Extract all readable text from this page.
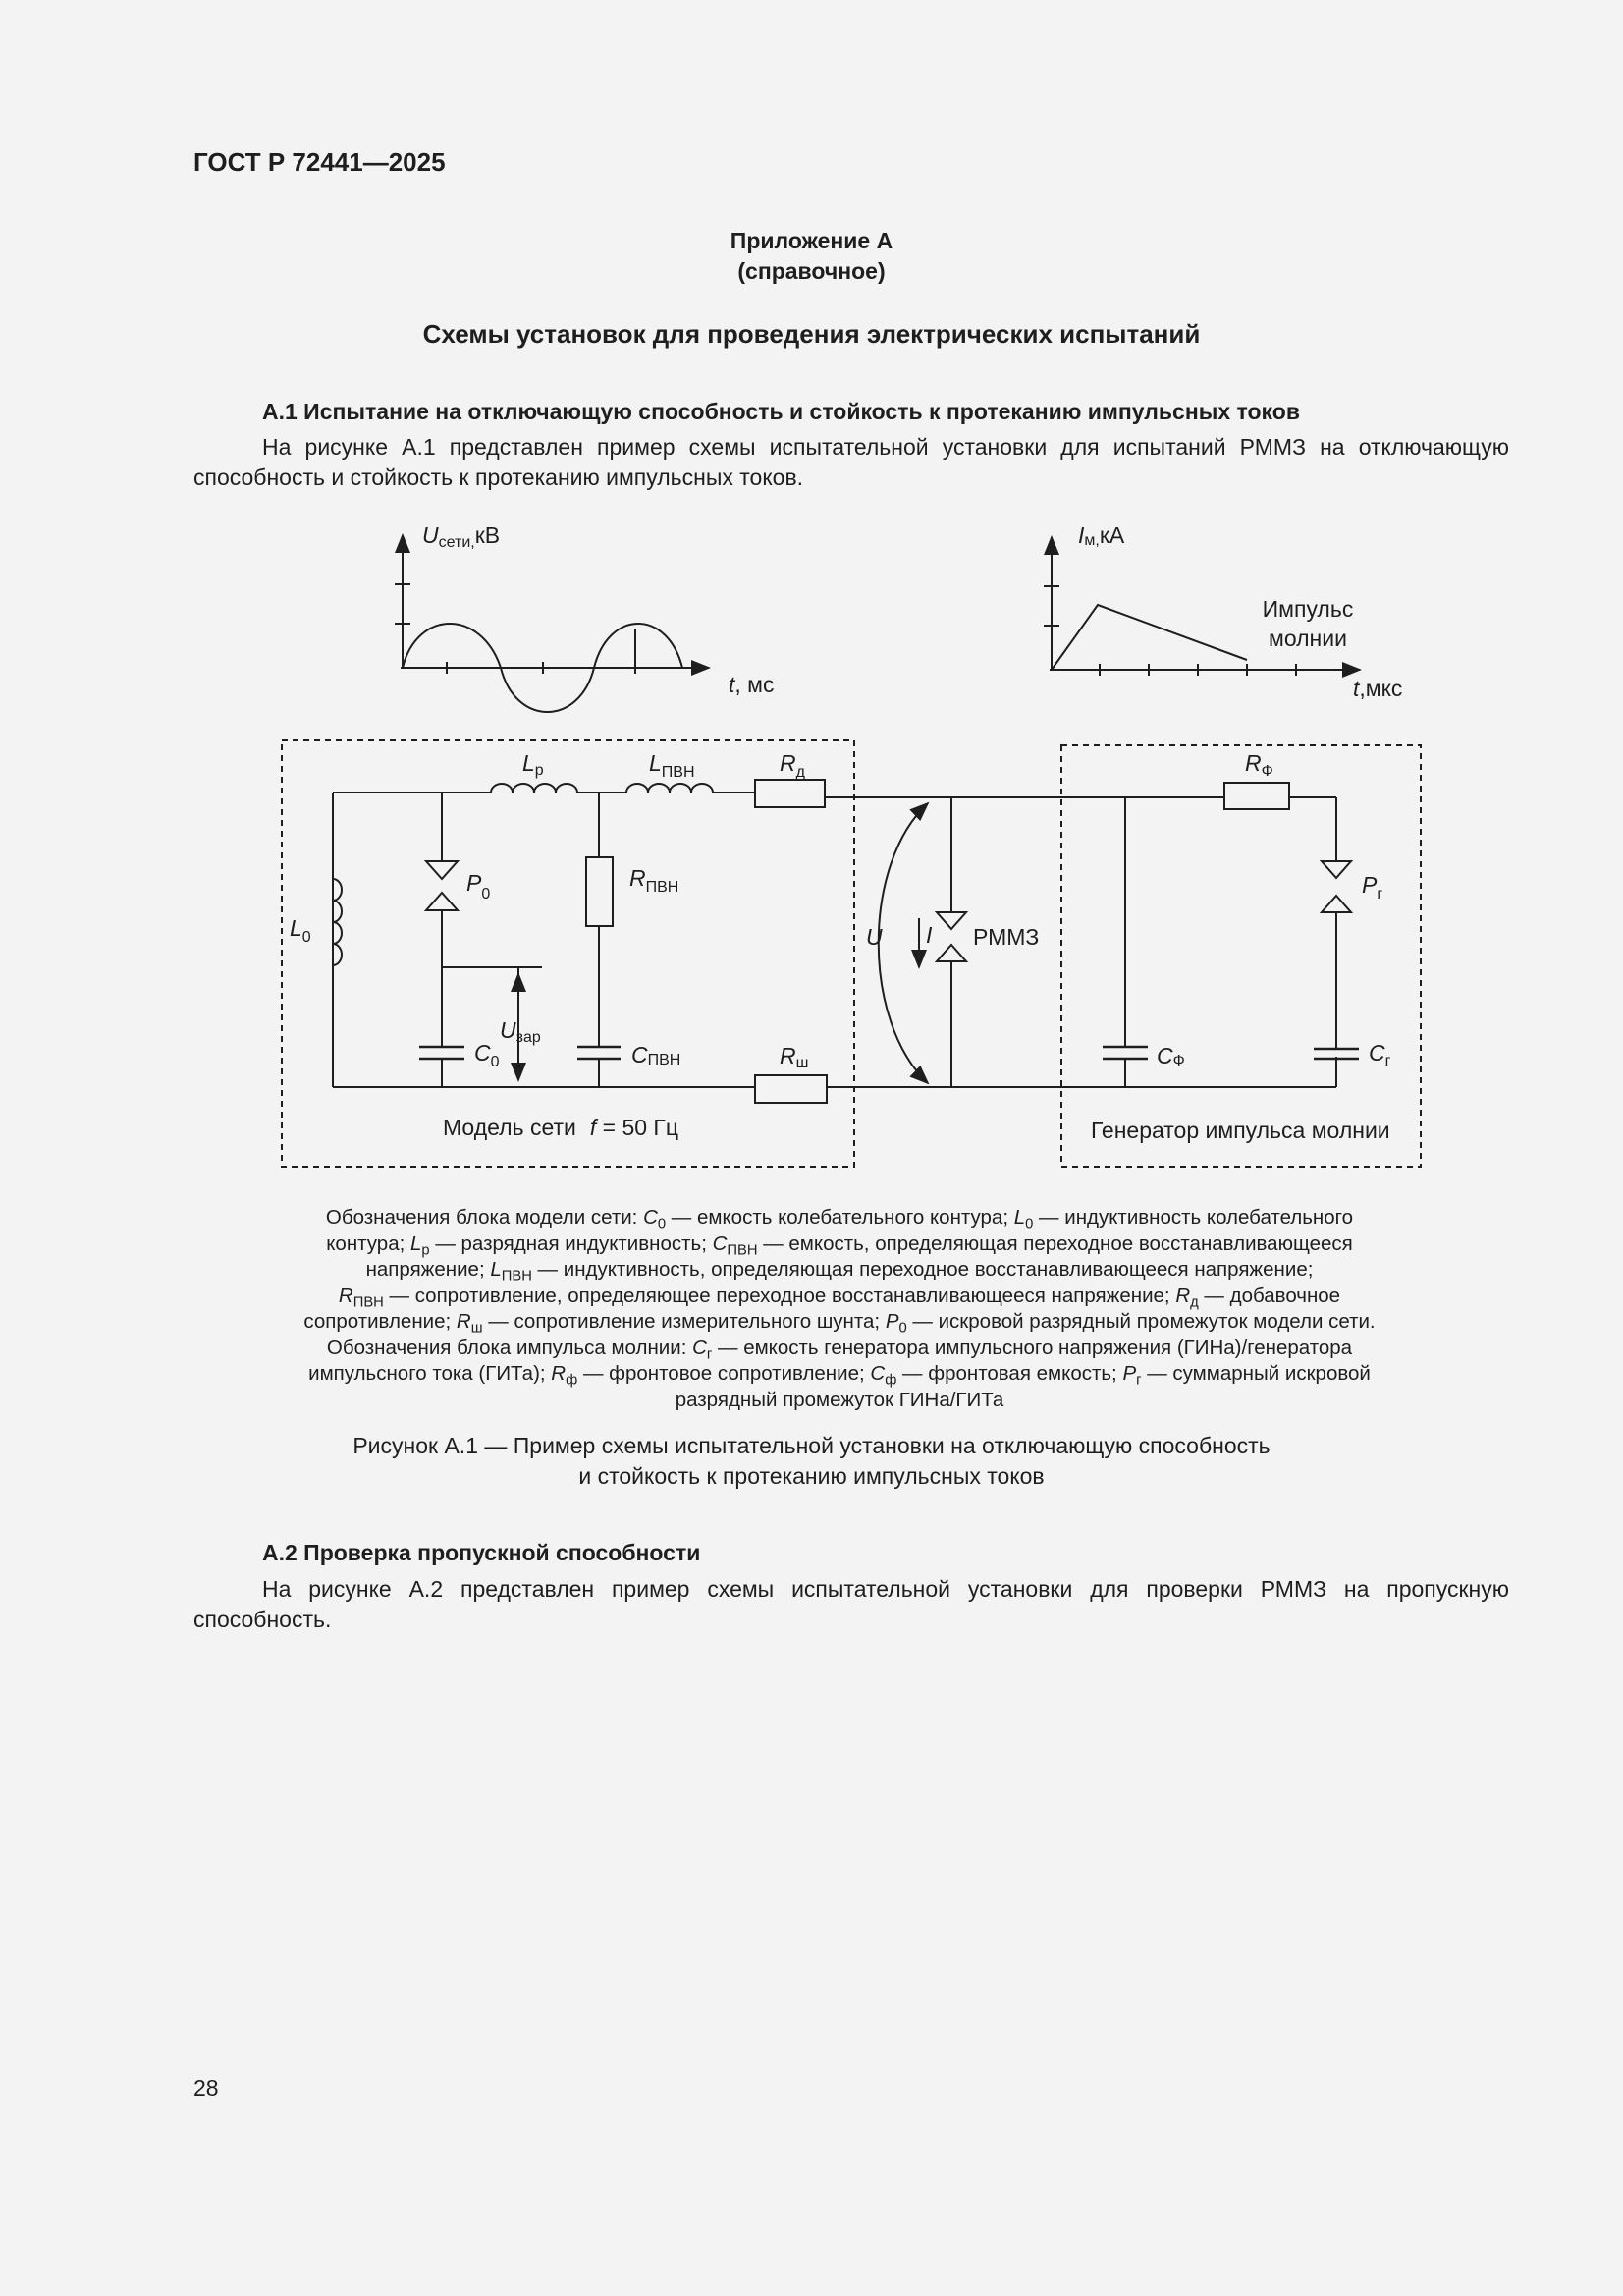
ГОСТ Р 72441—2025
Приложение А
(справочное)
Схемы установок для проведения электрических испытаний
А.1 Испытание на отключающую способность и стойкость к протеканию импульсных токов
На рисунке А.1 представлен пример схемы испытательной установки для испытаний РММЗ на отключающую способность и стойкость к протеканию импульсных токов.
Uсети,кВ
t, мс
Iм,кА
t,мкс
Импульс
молнии
Lр	$L_{ПВН}$	$R_д$	$R_Ф$
$L_0$
$P_0$
$R_{ПВН}$
Uзар
$C_0$	CПВН	Rш
U I РММЗ
$P_г$
CФ	$C_г$
Модель сети f = 50 Гц	Генератор импульса молнии
Обозначения блока модели сети: $C_0$ — емкость колебательного контура; $L_0$ — индуктивность колебательного
контура; $L_р$ — разрядная индуктивность; $C_{ПВН}$ — емкость, определяющая переходное восстанавливающееся
напряжение; $L_{ПВН}$ — индуктивность, определяющая переходное восстанавливающееся напряжение;
$R_{ПВН}$ — сопротивление, определяющее переходное восстанавливающееся напряжение; $R_д$ — добавочное
сопротивление; $R_ш$ — сопротивление измерительного шунта; $P_0$ — искровой разрядный промежуток модели сети.
Обозначения блока импульса молнии: $C_г$ — емкость генератора импульсного напряжения (ГИНа)/генератора
импульсного тока (ГИТа); $R_ф$ — фронтовое сопротивление; $C_ф$ — фронтовая емкость; $P_г$ — суммарный искровой
разрядный промежуток ГИНа/ГИТа
Рисунок А.1 — Пример схемы испытательной установки на отключающую способность
и стойкость к протеканию импульсных токов
А.2 Проверка пропускной способности
На рисунке А.2 представлен пример схемы испытательной установки для проверки РММЗ на пропускную способность.
28
